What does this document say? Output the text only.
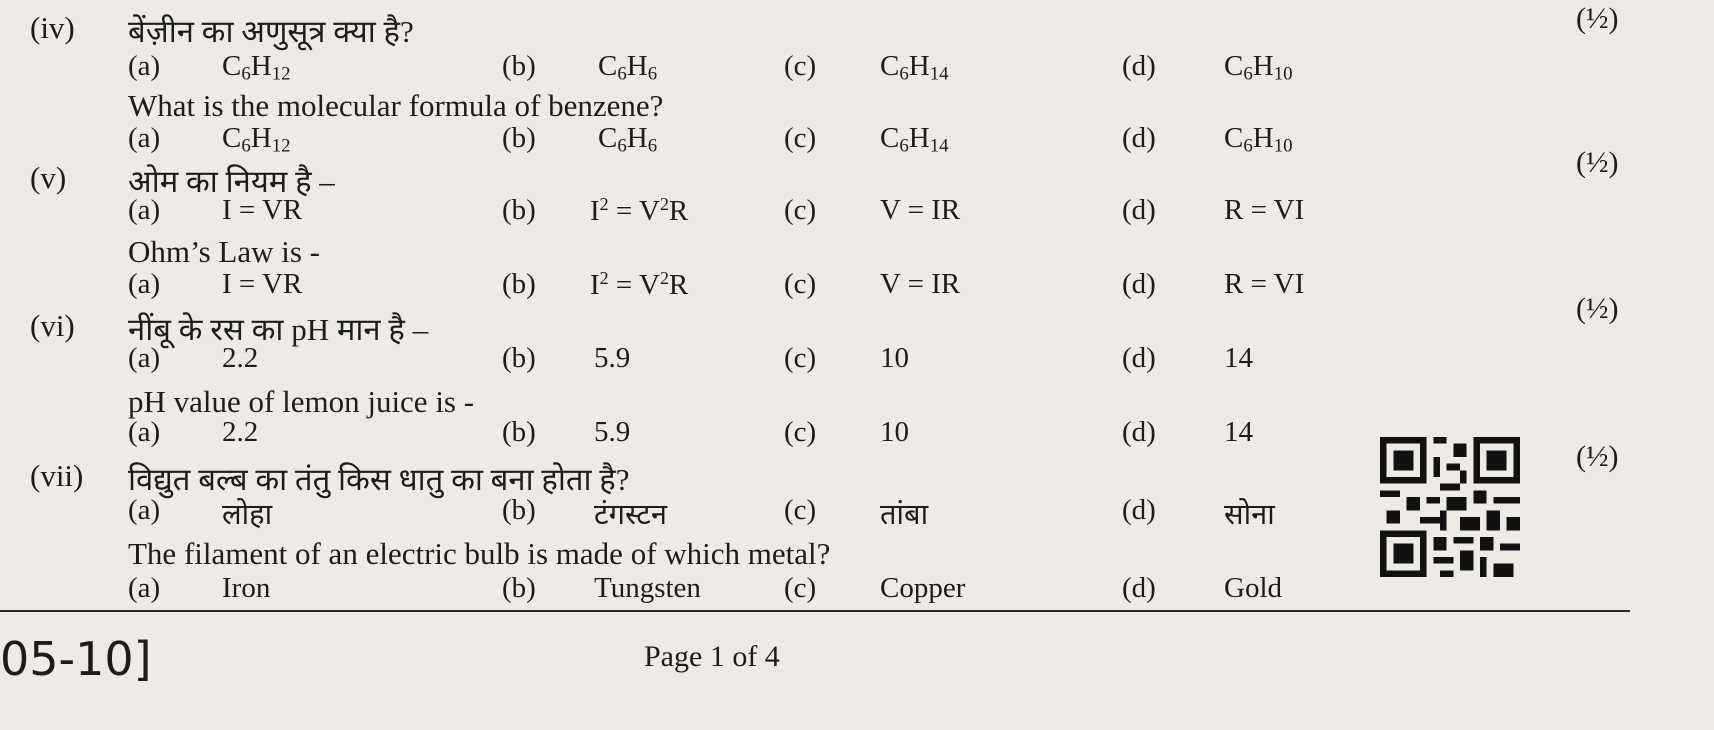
(½)
(iv) बेंज़ीन का अणुसूत्र क्या है?
(a) $C_6H_{12}$	(b) $C_6H_6$	(c) $C_6H_{14}$	(d) $C_6H_{10}$
What is the molecular formula of benzene?
(a) $C_6H_{12}$	(b) $C_6H_6$	(c) $C_6H_{14}$	(d) $C_6H_{10}$
(v) ओम का नियम है –
(½)
(a) I = VR	(b) $I^2 = V^2R$	(c) V = IR	(d) R = VI
Ohm’s Law is -
(a) I = VR	(b) $I^2 = V^2R$	(c) V = IR	(d) R = VI
(vi) नींबू के रस का pH मान है –
(½)
(a) 2.2	(b) 5.9	(c) 10	(d) 14
pH value of lemon juice is -
(a) 2.2	(b) 5.9	(c) 10	(d) 14
(vii) विद्युत बल्ब का तंतु किस धातु का बना होता है?
(½)
(a) लोहा	(b) टंगस्टन	(c) तांबा	(d) सोना
The filament of an electric bulb is made of which metal?
(a) Iron	(b) Tungsten	(c) Copper	(d) Gold
05-10]	Page 1 of 4
